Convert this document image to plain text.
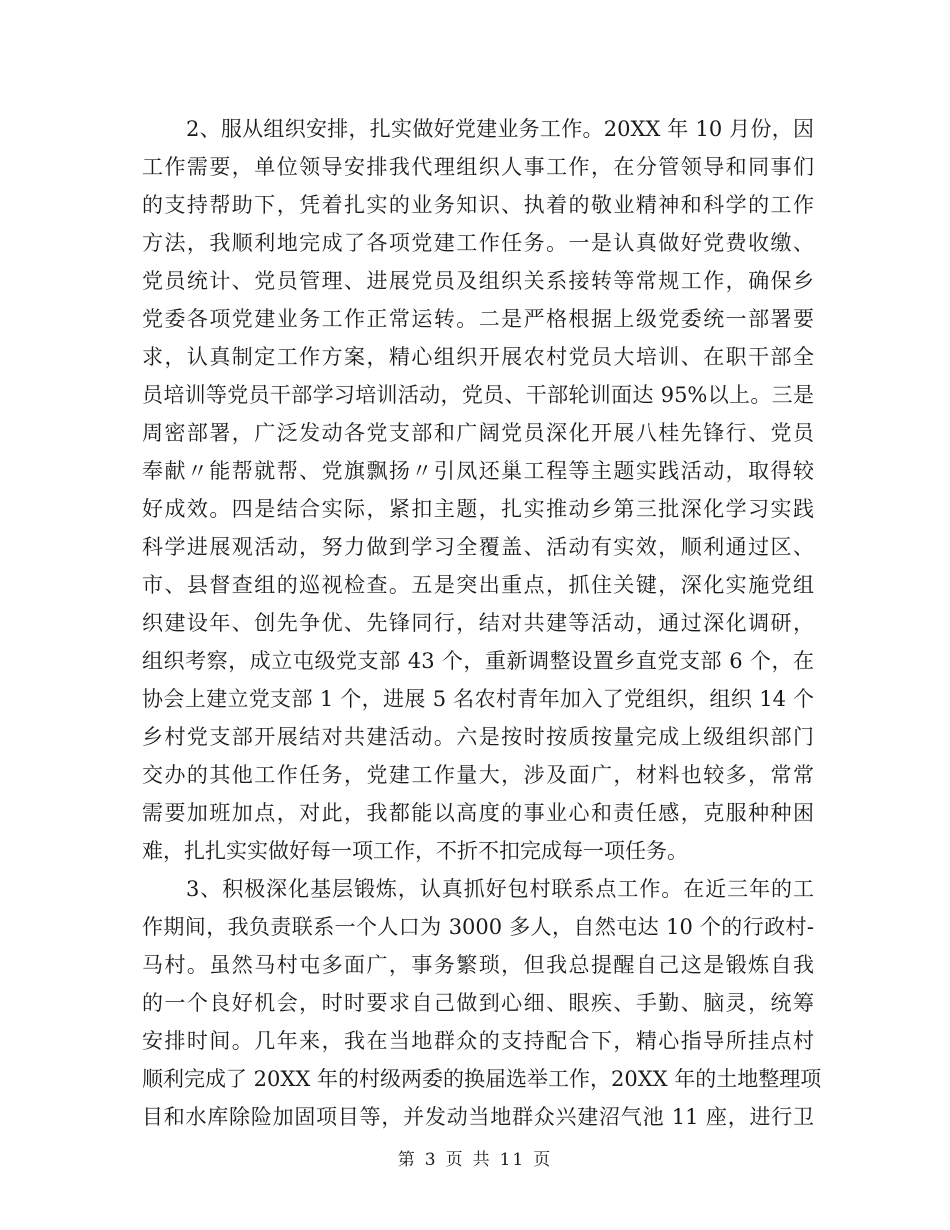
2、服从组织安排，扎实做好党建业务工作。20XX 年 10 月份，因
工作需要，单位领导安排我代理组织人事工作，在分管领导和同事们
的支持帮助下，凭着扎实的业务知识、执着的敬业精神和科学的工作
方法，我顺利地完成了各项党建工作任务。一是认真做好党费收缴、
党员统计、党员管理、进展党员及组织关系接转等常规工作，确保乡
党委各项党建业务工作正常运转。二是严格根据上级党委统一部署要
求，认真制定工作方案，精心组织开展农村党员大培训、在职干部全
员培训等党员干部学习培训活动，党员、干部轮训面达 95%以上。三是
周密部署，广泛发动各党支部和广阔党员深化开展八桂先锋行、党员
奉献〃能帮就帮、党旗飘扬〃引凤还巢工程等主题实践活动，取得较
好成效。四是结合实际，紧扣主题，扎实推动乡第三批深化学习实践
科学进展观活动，努力做到学习全覆盖、活动有实效，顺利通过区、
市、县督查组的巡视检查。五是突出重点，抓住关键，深化实施党组
织建设年、创先争优、先锋同行，结对共建等活动，通过深化调研，
组织考察，成立屯级党支部 43 个，重新调整设置乡直党支部 6 个，在
协会上建立党支部 1 个，进展 5 名农村青年加入了党组织，组织 14 个
乡村党支部开展结对共建活动。六是按时按质按量完成上级组织部门
交办的其他工作任务，党建工作量大，涉及面广，材料也较多，常常
需要加班加点，对此，我都能以高度的事业心和责任感，克服种种困
难，扎扎实实做好每一项工作，不折不扣完成每一项任务。
3、积极深化基层锻炼，认真抓好包村联系点工作。在近三年的工
作期间，我负责联系一个人口为 3000 多人，自然屯达 10 个的行政村-
马村。虽然马村屯多面广，事务繁琐，但我总提醒自己这是锻炼自我
的一个良好机会，时时要求自己做到心细、眼疾、手勤、脑灵，统筹
安排时间。几年来，我在当地群众的支持配合下，精心指导所挂点村
顺利完成了 20XX 年的村级两委的换届选举工作，20XX 年的土地整理项
目和水库除险加固项目等，并发动当地群众兴建沼气池 11 座，进行卫
第 3 页 共 11 页
